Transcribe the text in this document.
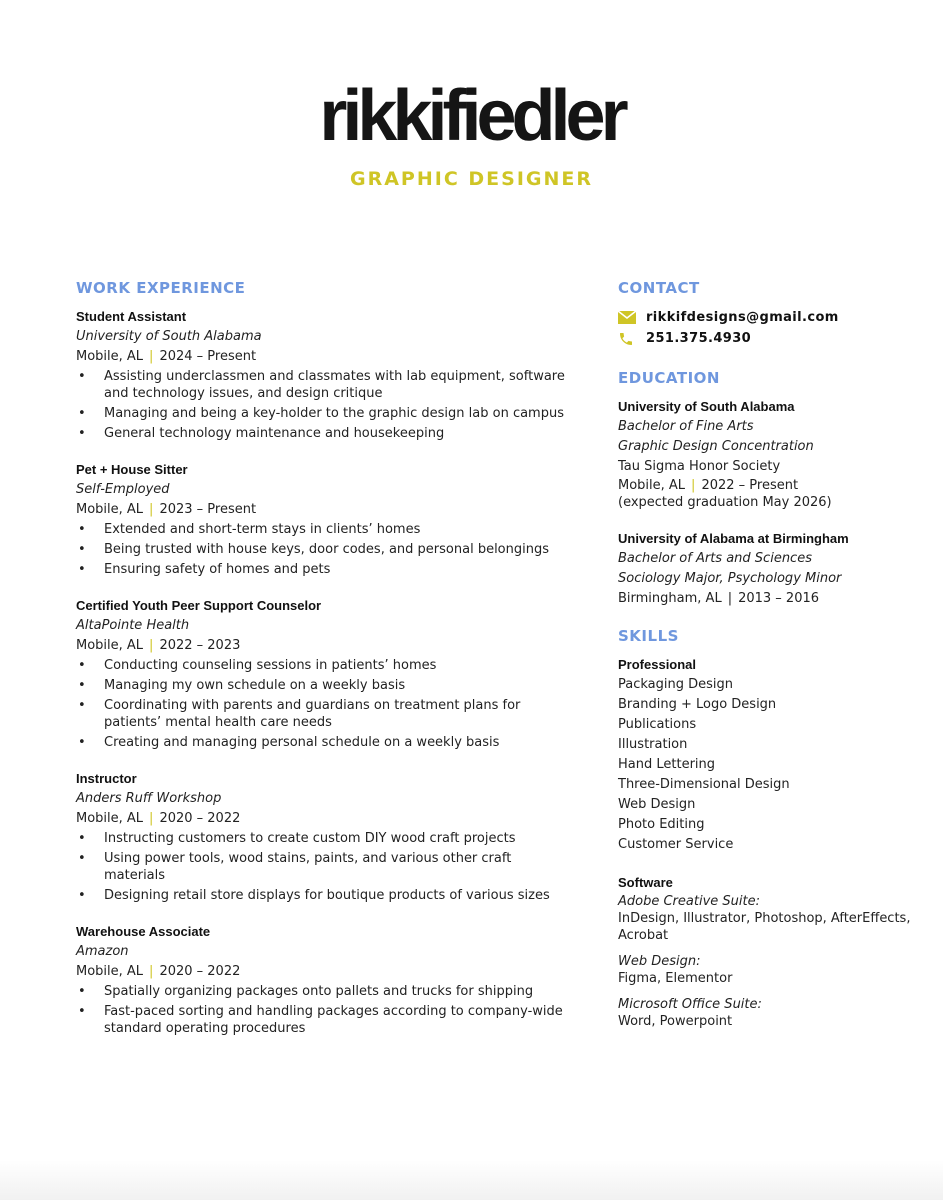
rikkifiedler
GRAPHIC DESIGNER
WORK EXPERIENCE
Student Assistant
University of South Alabama
Mobile, AL | 2024 – Present
• Assisting underclassmen and classmates with lab equipment, software and technology issues, and design critique
• Managing and being a key-holder to the graphic design lab on campus
• General technology maintenance and housekeeping
Pet + House Sitter
Self-Employed
Mobile, AL | 2023 – Present
• Extended and short-term stays in clients’ homes
• Being trusted with house keys, door codes, and personal belongings
• Ensuring safety of homes and pets
Certified Youth Peer Support Counselor
AltaPointe Health
Mobile, AL | 2022 – 2023
• Conducting counseling sessions in patients’ homes
• Managing my own schedule on a weekly basis
• Coordinating with parents and guardians on treatment plans for patients’ mental health care needs
• Creating and managing personal schedule on a weekly basis
Instructor
Anders Ruff Workshop
Mobile, AL | 2020 – 2022
• Instructing customers to create custom DIY wood craft projects
• Using power tools, wood stains, paints, and various other craft materials
• Designing retail store displays for boutique products of various sizes
Warehouse Associate
Amazon
Mobile, AL | 2020 – 2022
• Spatially organizing packages onto pallets and trucks for shipping
• Fast-paced sorting and handling packages according to company-wide standard operating procedures
CONTACT
rikkifdesigns@gmail.com
251.375.4930
EDUCATION
University of South Alabama
Bachelor of Fine Arts
Graphic Design Concentration
Tau Sigma Honor Society
Mobile, AL | 2022 – Present
(expected graduation May 2026)
University of Alabama at Birmingham
Bachelor of Arts and Sciences
Sociology Major, Psychology Minor
Birmingham, AL | 2013 – 2016
SKILLS
Professional
Packaging Design
Branding + Logo Design
Publications
Illustration
Hand Lettering
Three-Dimensional Design
Web Design
Photo Editing
Customer Service
Software
Adobe Creative Suite:
InDesign, Illustrator, Photoshop, AfterEffects, Acrobat
Web Design:
Figma, Elementor
Microsoft Office Suite:
Word, Powerpoint
